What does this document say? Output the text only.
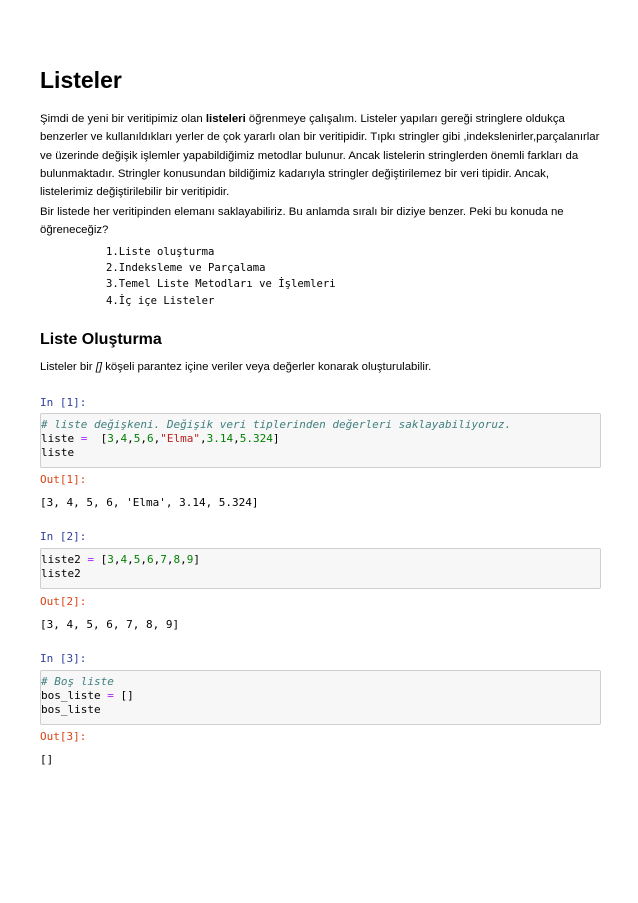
Listeler

Şimdi de yeni bir veritipimiz olan listeleri öğrenmeye çalışalım. Listeler yapıları gereği stringlere oldukça benzerler ve kullanıldıkları yerler de çok yararlı olan bir veritipidir. Tıpkı stringler gibi ,indekslenirler,parçalanırlar ve üzerinde değişik işlemler yapabildiğimiz metodlar bulunur. Ancak listelerin stringlerden önemli farkları da bulunmaktadır. Stringler konusundan bildiğimiz kadarıyla stringler değiştirilemez bir veri tipidir. Ancak, listelerimiz değiştirilebilir bir veritipidir.

Bir listede her veritipinden elemanı saklayabiliriz. Bu anlamda sıralı bir diziye benzer. Peki bu konuda ne öğreneceğiz?

1.Liste oluşturma
2.Indeksleme ve Parçalama
3.Temel Liste Metodları ve İşlemleri
4.İç içe Listeler
Liste Oluşturma

Listeler bir [] köşeli parantez içine veriler veya değerler konarak oluşturulabilir.

In [1]:
# liste değişkeni. Değişik veri tiplerinden değerleri saklayabiliyoruz.
liste =  [3,4,5,6,"Elma",3.14,5.324]
liste
Out[1]:
[3, 4, 5, 6, 'Elma', 3.14, 5.324]
In [2]:
liste2 = [3,4,5,6,7,8,9]
liste2
Out[2]:
[3, 4, 5, 6, 7, 8, 9]
In [3]:
# Boş liste
bos_liste = []
bos_liste
Out[3]:
[]
